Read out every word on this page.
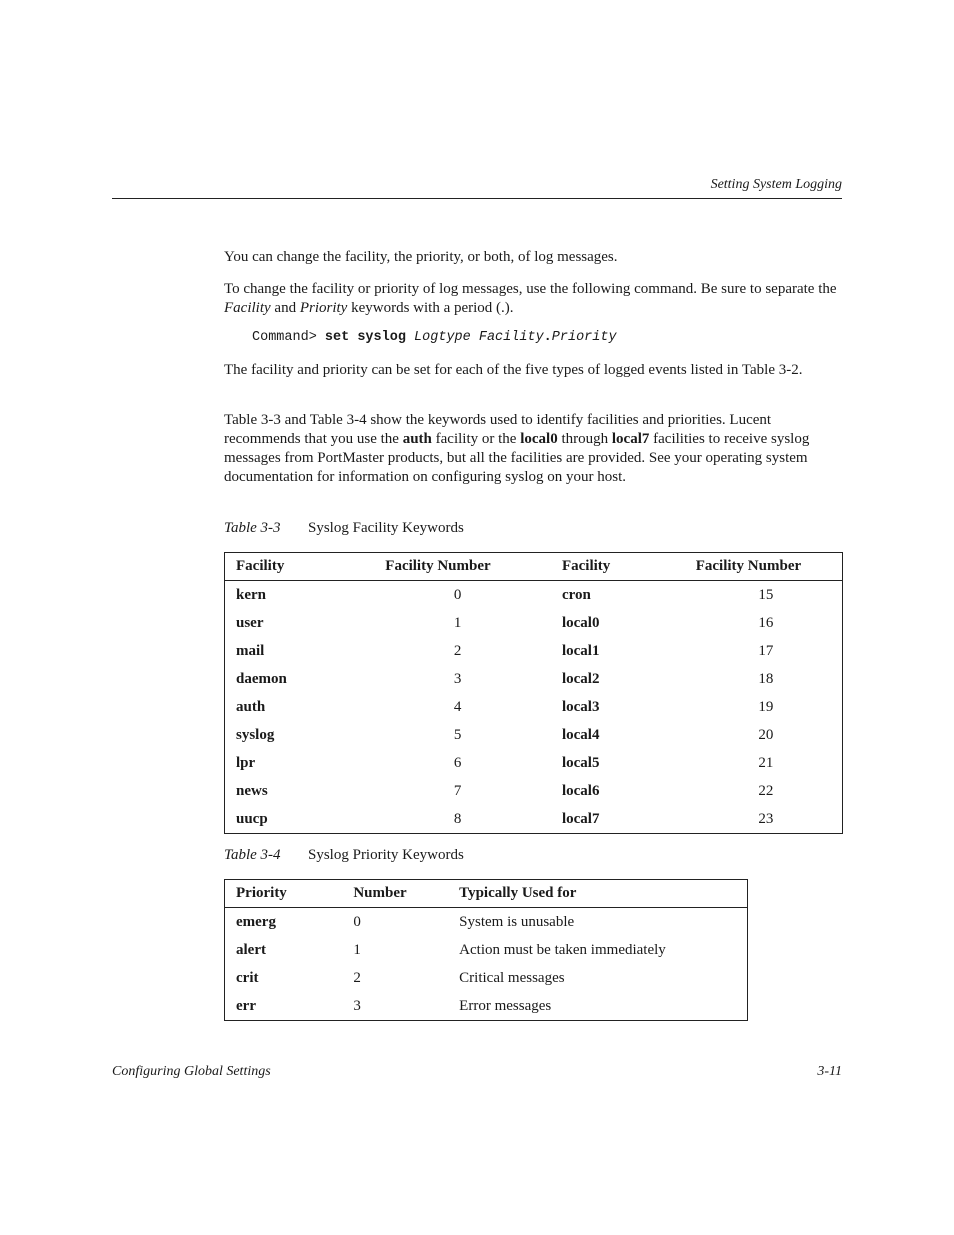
Setting System Logging
You can change the facility, the priority, or both, of log messages.
To change the facility or priority of log messages, use the following command. Be sure to separate the Facility and Priority keywords with a period (.).
Command> set syslog Logtype Facility.Priority
The facility and priority can be set for each of the five types of logged events listed in Table 3-2.
Table 3-3 and Table 3-4 show the keywords used to identify facilities and priorities. Lucent recommends that you use the auth facility or the local0 through local7 facilities to receive syslog messages from PortMaster products, but all the facilities are provided. See your operating system documentation for information on configuring syslog on your host.
Table 3-3 Syslog Facility Keywords
Facility	Facility Number	Facility	Facility Number
kern	0	cron	15
user	1	local0	16
mail	2	local1	17
daemon	3	local2	18
auth	4	local3	19
syslog	5	local4	20
lpr	6	local5	21
news	7	local6	22
uucp	8	local7	23
Table 3-4 Syslog Priority Keywords
Priority	Number	Typically Used for
emerg	0	System is unusable
alert	1	Action must be taken immediately
crit	2	Critical messages
err	3	Error messages
Configuring Global Settings	3-11
